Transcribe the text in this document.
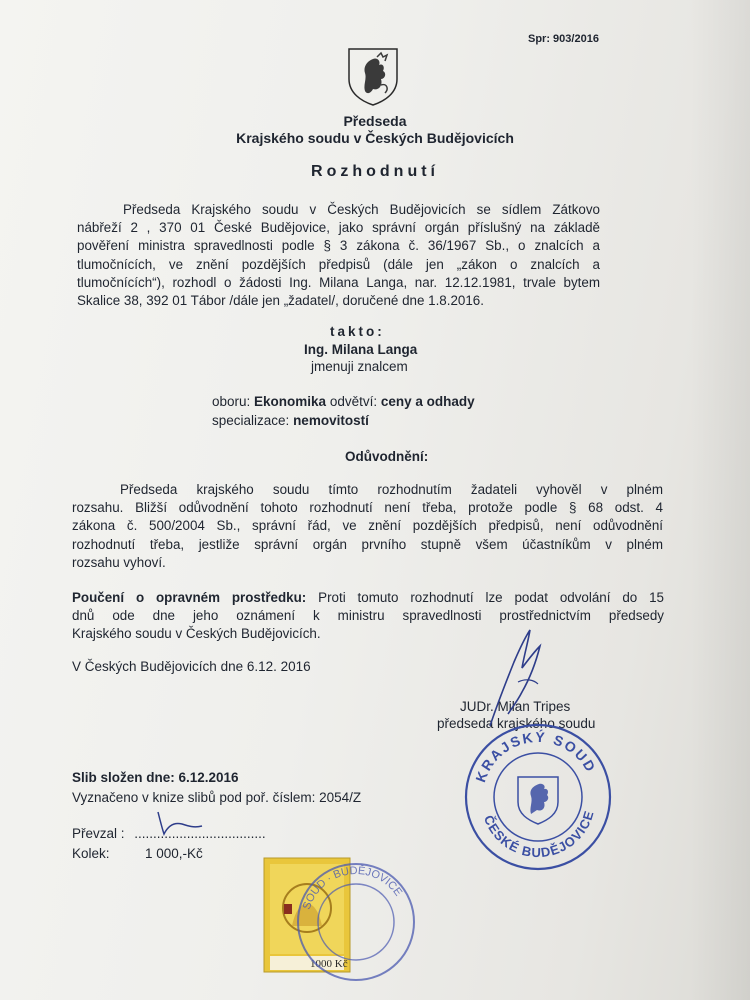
Spr: 903/2016
Předseda
Krajského soudu v Českých Budějovicích
Rozhodnutí
Předseda Krajského soudu v Českých Budějovicích se sídlem Zátkovo
nábřeží 2 , 370 01 České Budějovice, jako správní orgán příslušný na základě
pověření ministra spravedlnosti podle § 3 zákona č. 36/1967 Sb., o znalcích a
tlumočnících, ve znění pozdějších předpisů (dále jen „zákon o znalcích a
tlumočnících“), rozhodl o žádosti Ing. Milana Langa, nar. 12.12.1981, trvale bytem
Skalice 38, 392 01 Tábor /dále jen „žadatel/, doručené dne 1.8.2016.
takto:
Ing. Milana Langa
jmenuji znalcem
oboru: Ekonomika odvětví: ceny a odhady
specializace: nemovitostí
Odůvodnění:
Předseda krajského soudu tímto rozhodnutím žadateli vyhověl v plném
rozsahu. Bližší odůvodnění tohoto rozhodnutí není třeba, protože podle § 68 odst. 4
zákona č. 500/2004 Sb., správní řád, ve znění pozdějších předpisů, není odůvodnění
rozhodnutí třeba, jestliže správní orgán prvního stupně všem účastníkům v plném
rozsahu vyhoví.
Poučení o opravném prostředku: Proti tomuto rozhodnutí lze podat odvolání do 15
dnů ode dne jeho oznámení k ministru spravedlnosti prostřednictvím předsedy
Krajského soudu v Českých Budějovicích.
V Českých Budějovicích dne 6.12. 2016
JUDr. Milan Tripes
předseda krajského soudu
Slib složen dne: 6.12.2016
Vyznačeno v knize slibů pod poř. číslem: 2054/Z
Převzal : ...................................
Kolek:	1 000,-Kč
1000 Kč
SOUD · BUDĚJOVICE
KRAJSKÝ SOUD
ČESKÉ BUDĚJOVICE
